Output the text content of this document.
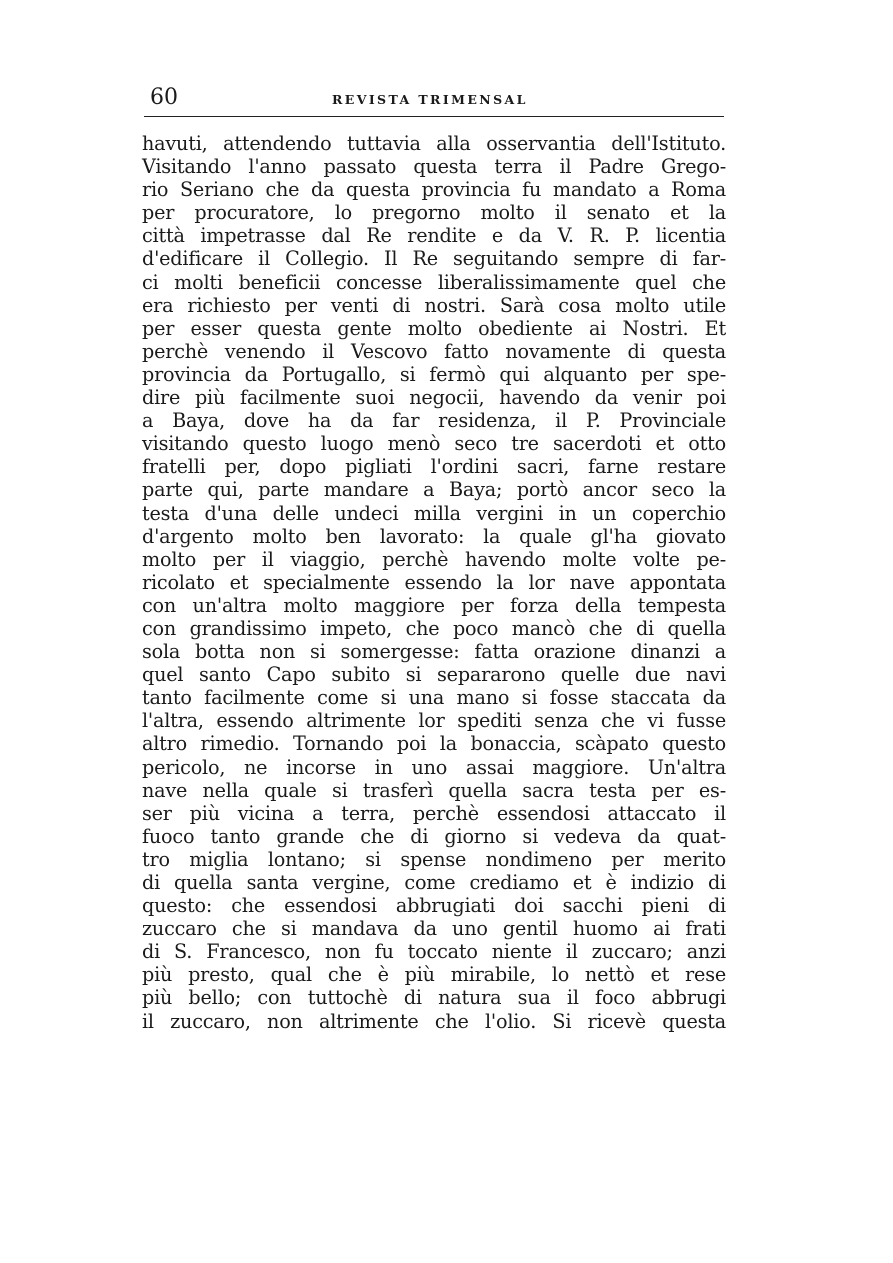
60	REVISTA TRIMENSAL
havuti, attendendo tuttavia alla osservantia dell'Istituto.
Visitando l'anno passato questa terra il Padre Grego-
rio Seriano che da questa provincia fu mandato a Roma
per procuratore, lo pregorno molto il senato et la
città impetrasse dal Re rendite e da V. R. P. licentia
d'edificare il Collegio. Il Re seguitando sempre di far-
ci molti beneficii concesse liberalissimamente quel che
era richiesto per venti di nostri. Sarà cosa molto utile
per esser questa gente molto obediente ai Nostri. Et
perchè venendo il Vescovo fatto novamente di questa
provincia da Portugallo, si fermò qui alquanto per spe-
dire più facilmente suoi negocii, havendo da venir poi
a Baya, dove ha da far residenza, il P. Provinciale
visitando questo luogo menò seco tre sacerdoti et otto
fratelli per, dopo pigliati l'ordini sacri, farne restare
parte qui, parte mandare a Baya; portò ancor seco la
testa d'una delle undeci milla vergini in un coperchio
d'argento molto ben lavorato: la quale gl'ha giovato
molto per il viaggio, perchè havendo molte volte pe-
ricolato et specialmente essendo la lor nave appontata
con un'altra molto maggiore per forza della tempesta
con grandissimo impeto, che poco mancò che di quella
sola botta non si somergesse: fatta orazione dinanzi a
quel santo Capo subito si separarono quelle due navi
tanto facilmente come si una mano si fosse staccata da
l'altra, essendo altrimente lor spediti senza che vi fusse
altro rimedio. Tornando poi la bonaccia, scàpato questo
pericolo, ne incorse in uno assai maggiore. Un'altra
nave nella quale si trasferì quella sacra testa per es-
ser più vicina a terra, perchè essendosi attaccato il
fuoco tanto grande che di giorno si vedeva da quat-
tro miglia lontano; si spense nondimeno per merito
di quella santa vergine, come crediamo et è indizio di
questo: che essendosi abbrugiati doi sacchi pieni di
zuccaro che si mandava da uno gentil huomo ai frati
di S. Francesco, non fu toccato niente il zuccaro; anzi
più presto, qual che è più mirabile, lo nettò et rese
più bello; con tuttochè di natura sua il foco abbrugi
il zuccaro, non altrimente che l'olio. Si ricevè questa
